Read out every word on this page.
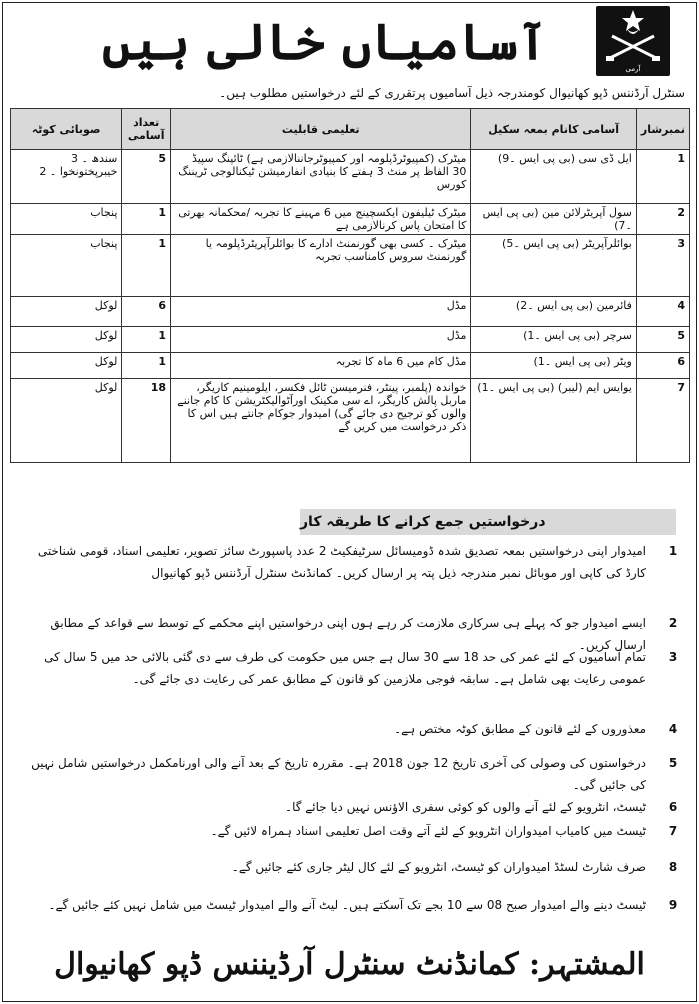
آسامیاں خالی ہیں	آرمی
سنٹرل آرڈننس ڈپو کھانیوال کومندرجہ ذیل آسامیوں پرتقرری کے لئے درخواستیں مطلوب ہیں۔
نمبرشار	آسامی کانام بمعہ سکیل	تعلیمی قابلیت	تعداد آسامی	صوبائی کوٹہ
1	ایل ڈی سی (بی پی ایس ۔9)	میٹرک (کمپیوٹرڈپلومہ اور کمپیوٹرجاننالازمی ہے) ٹائپنگ سپیڈ 30 الفاظ پر منٹ 3 ہفتے کا بنیادی انفارمیشن ٹیکنالوجی ٹریننگ کورس	5	سندھ ۔ 3
خیبرپختونخوا ۔ 2

2	سول آپریٹرلائن مین (بی پی ایس ۔7)	میٹرک ٹیلیفون ایکسچینج میں 6 مہینے کا تجربہ /محکمانہ بھرتی کا امتحان پاس کرنالازمی ہے	1	پنجاب
3	بوائلرآپریٹر (بی پی ایس ۔5)	میٹرک ۔ کسی بھی گورنمنٹ ادارے کا بوائلرآپریٹرڈپلومہ یا گورنمنٹ سروس کامناسب تجربہ	1	پنجاب
4	فائرمین (بی پی ایس ۔2)	مڈل	6	لوکل
5	سرچر (بی پی ایس ۔1)	مڈل	1	لوکل
6	ویٹر (بی پی ایس ۔1)	مڈل کام میں 6 ماہ کا تجربہ	1	لوکل
7	یوایس ایم (لیبر) (بی پی ایس ۔1)	خواندہ (پلمبر، پینٹر، فنرمیسن ٹائل فکسر، ایلومینیم کاریگر، ماربل پالش کاریگر، اے سی مکینک اورآٹوالیکٹریشن کا کام جاننے والوں کو ترجیح دی جائے گی) امیدوار جوکام جانتے ہیں اس کا ذکر درخواست میں کریں گے	18	لوکل
درخواستیں جمع کرانے کا طریقہ کار
1
امیدوار اپنی درخواستیں بمعہ تصدیق شدہ ڈومیسائل سرٹیفکیٹ 2 عدد پاسپورٹ سائز تصویر، تعلیمی اسناد، قومی شناختی کارڈ کی کاپی اور موبائل نمبر مندرجہ ذیل پتہ پر ارسال کریں۔ کمانڈنٹ سنٹرل آرڈننس ڈپو کھانیوال
2
ایسے امیدوار جو کہ پہلے ہی سرکاری ملازمت کر رہے ہوں اپنی درخواستیں اپنے محکمے کے توسط سے قواعد کے مطابق ارسال کریں۔
3
تمام آسامیوں کے لئے عمر کی حد 18 سے 30 سال ہے جس میں حکومت کی طرف سے دی گئی بالائی حد میں 5 سال کی عمومی رعایت بھی شامل ہے۔ سابقہ فوجی ملازمین کو قانون کے مطابق عمر کی رعایت دی جائے گی۔
4
معذوروں کے لئے قانون کے مطابق کوٹہ مختص ہے۔
5
درخواستوں کی وصولی کی آخری تاریخ 12 جون 2018 ہے۔ مقررہ تاریخ کے بعد آنے والی اورنامکمل درخواستیں شامل نہیں کی جائیں گی۔
6
ٹیسٹ، انٹرویو کے لئے آنے والوں کو کوئی سفری الاؤنس نہیں دیا جائے گا۔
7
ٹیسٹ میں کامیاب امیدواران انٹرویو کے لئے آتے وقت اصل تعلیمی اسناد ہمراہ لائیں گے۔
8
صرف شارٹ لسٹڈ امیدواران کو ٹیسٹ، انٹرویو کے لئے کال لیٹر جاری کئے جائیں گے۔
9
ٹیسٹ دینے والے امیدوار صبح 08 سے 10 بجے تک آسکتے ہیں۔ لیٹ آنے والے امیدوار ٹیسٹ میں شامل نہیں کئے جائیں گے۔
المشتہر: کمانڈنٹ سنٹرل آرڈیننس ڈپو کھانیوال
